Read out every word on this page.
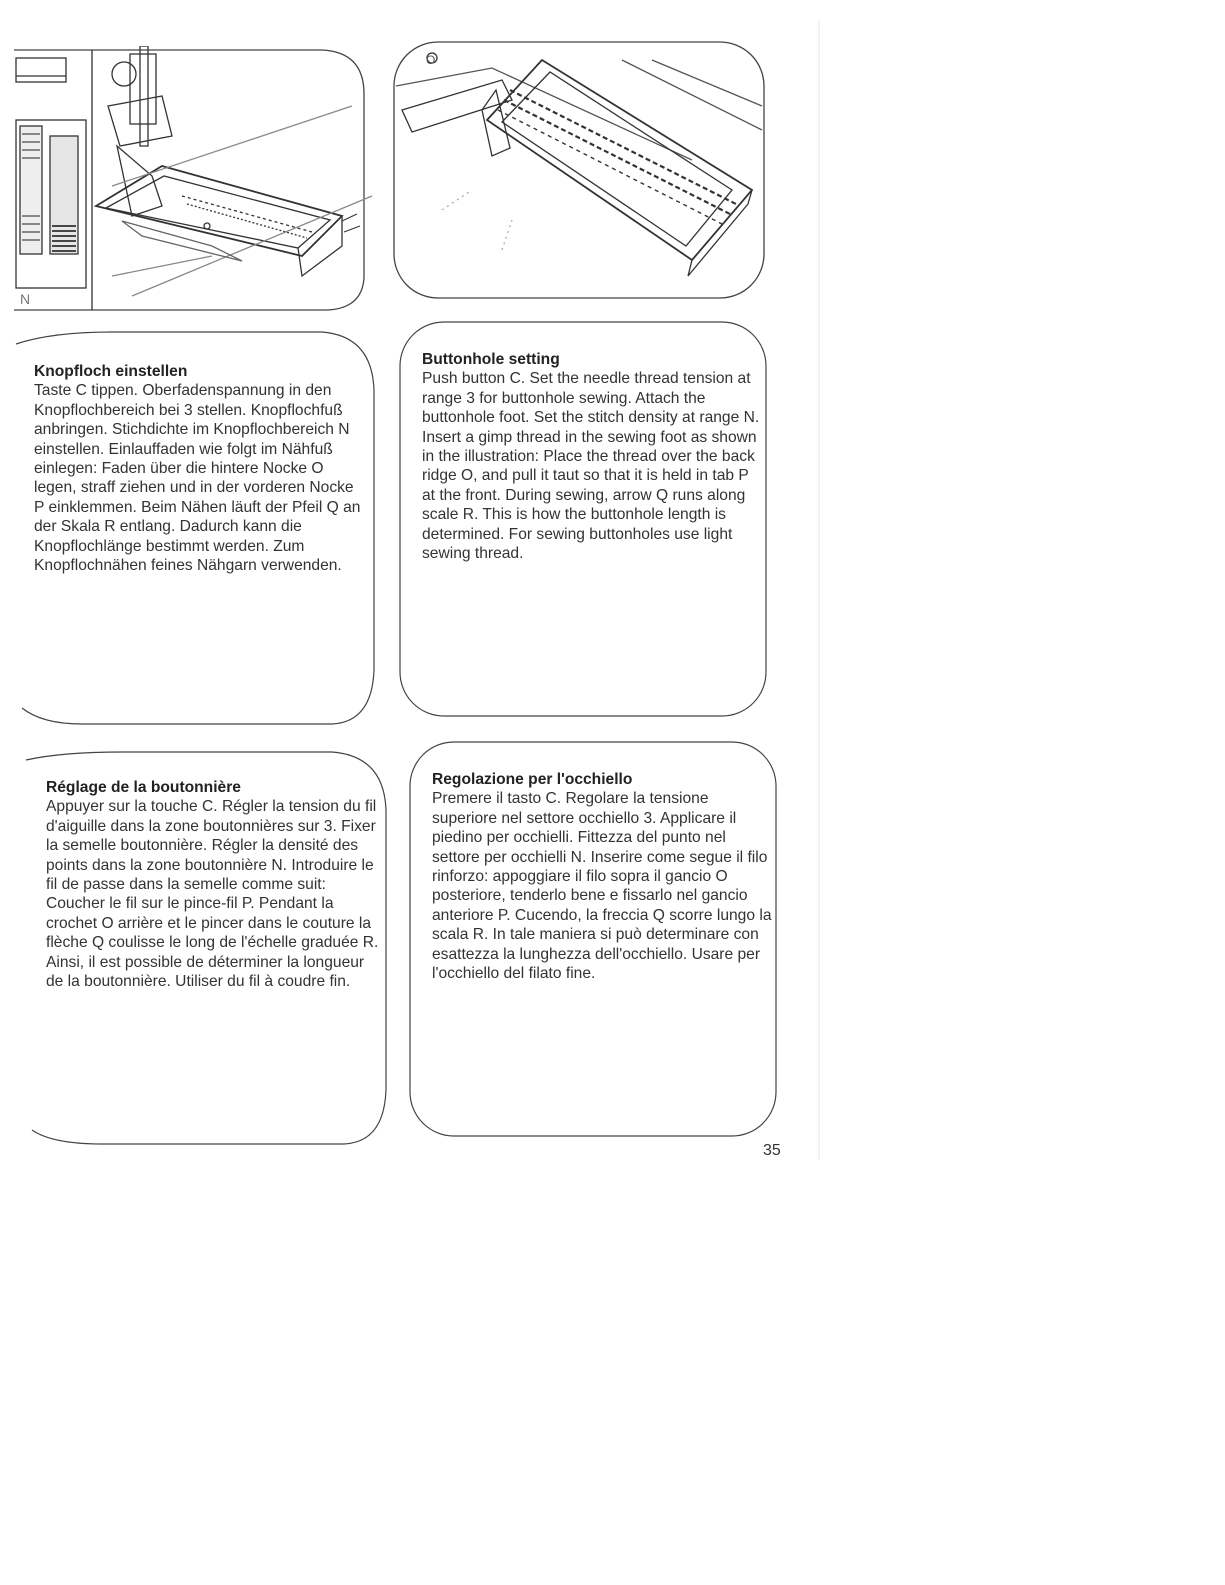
N
O
Knopfloch einstellen

Taste C tippen. Oberfadenspannung in den Knopflochbereich bei 3 stellen. Knopflochfuß anbringen. Stichdichte im Knopflochbereich N einstellen. Einlauffaden wie folgt im Nähfuß einlegen: Faden über die hintere Nocke O legen, straff ziehen und in der vorderen Nocke P einklemmen. Beim Nähen läuft der Pfeil Q an der Skala R entlang. Dadurch kann die Knopflochlänge bestimmt werden. Zum Knopflochnähen feines Nähgarn verwenden.

Buttonhole setting

Push button C. Set the needle thread tension at range 3 for buttonhole sewing. Attach the buttonhole foot. Set the stitch density at range N. Insert a gimp thread in the sewing foot as shown in the illustration: Place the thread over the back ridge O, and pull it taut so that it is held in tab P at the front. During sewing, arrow Q runs along scale R. This is how the buttonhole length is determined. For sewing buttonholes use light sewing thread.

Réglage de la boutonnière

Appuyer sur la touche C. Régler la tension du fil d'aiguille dans la zone boutonnières sur 3. Fixer la semelle boutonnière. Régler la densité des points dans la zone boutonnière N. Introduire le fil de passe dans la semelle comme suit: Coucher le fil sur le pince-fil P. Pendant la crochet O arrière et le pincer dans le couture la flèche Q coulisse le long de l'échelle graduée R. Ainsi, il est possible de déterminer la longueur de la boutonnière. Utiliser du fil à coudre fin.

Regolazione per l'occhiello

Premere il tasto C. Regolare la tensione superiore nel settore occhiello 3. Applicare il piedino per occhielli. Fittezza del punto nel settore per occhielli N. Inserire come segue il filo rinforzo: appoggiare il filo sopra il gancio O posteriore, tenderlo bene e fissarlo nel gancio anteriore P. Cucendo, la freccia Q scorre lungo la scala R. In tale maniera si può determinare con esattezza la lunghezza dell'occhiello. Usare per l'occhiello del filato fine.

35
